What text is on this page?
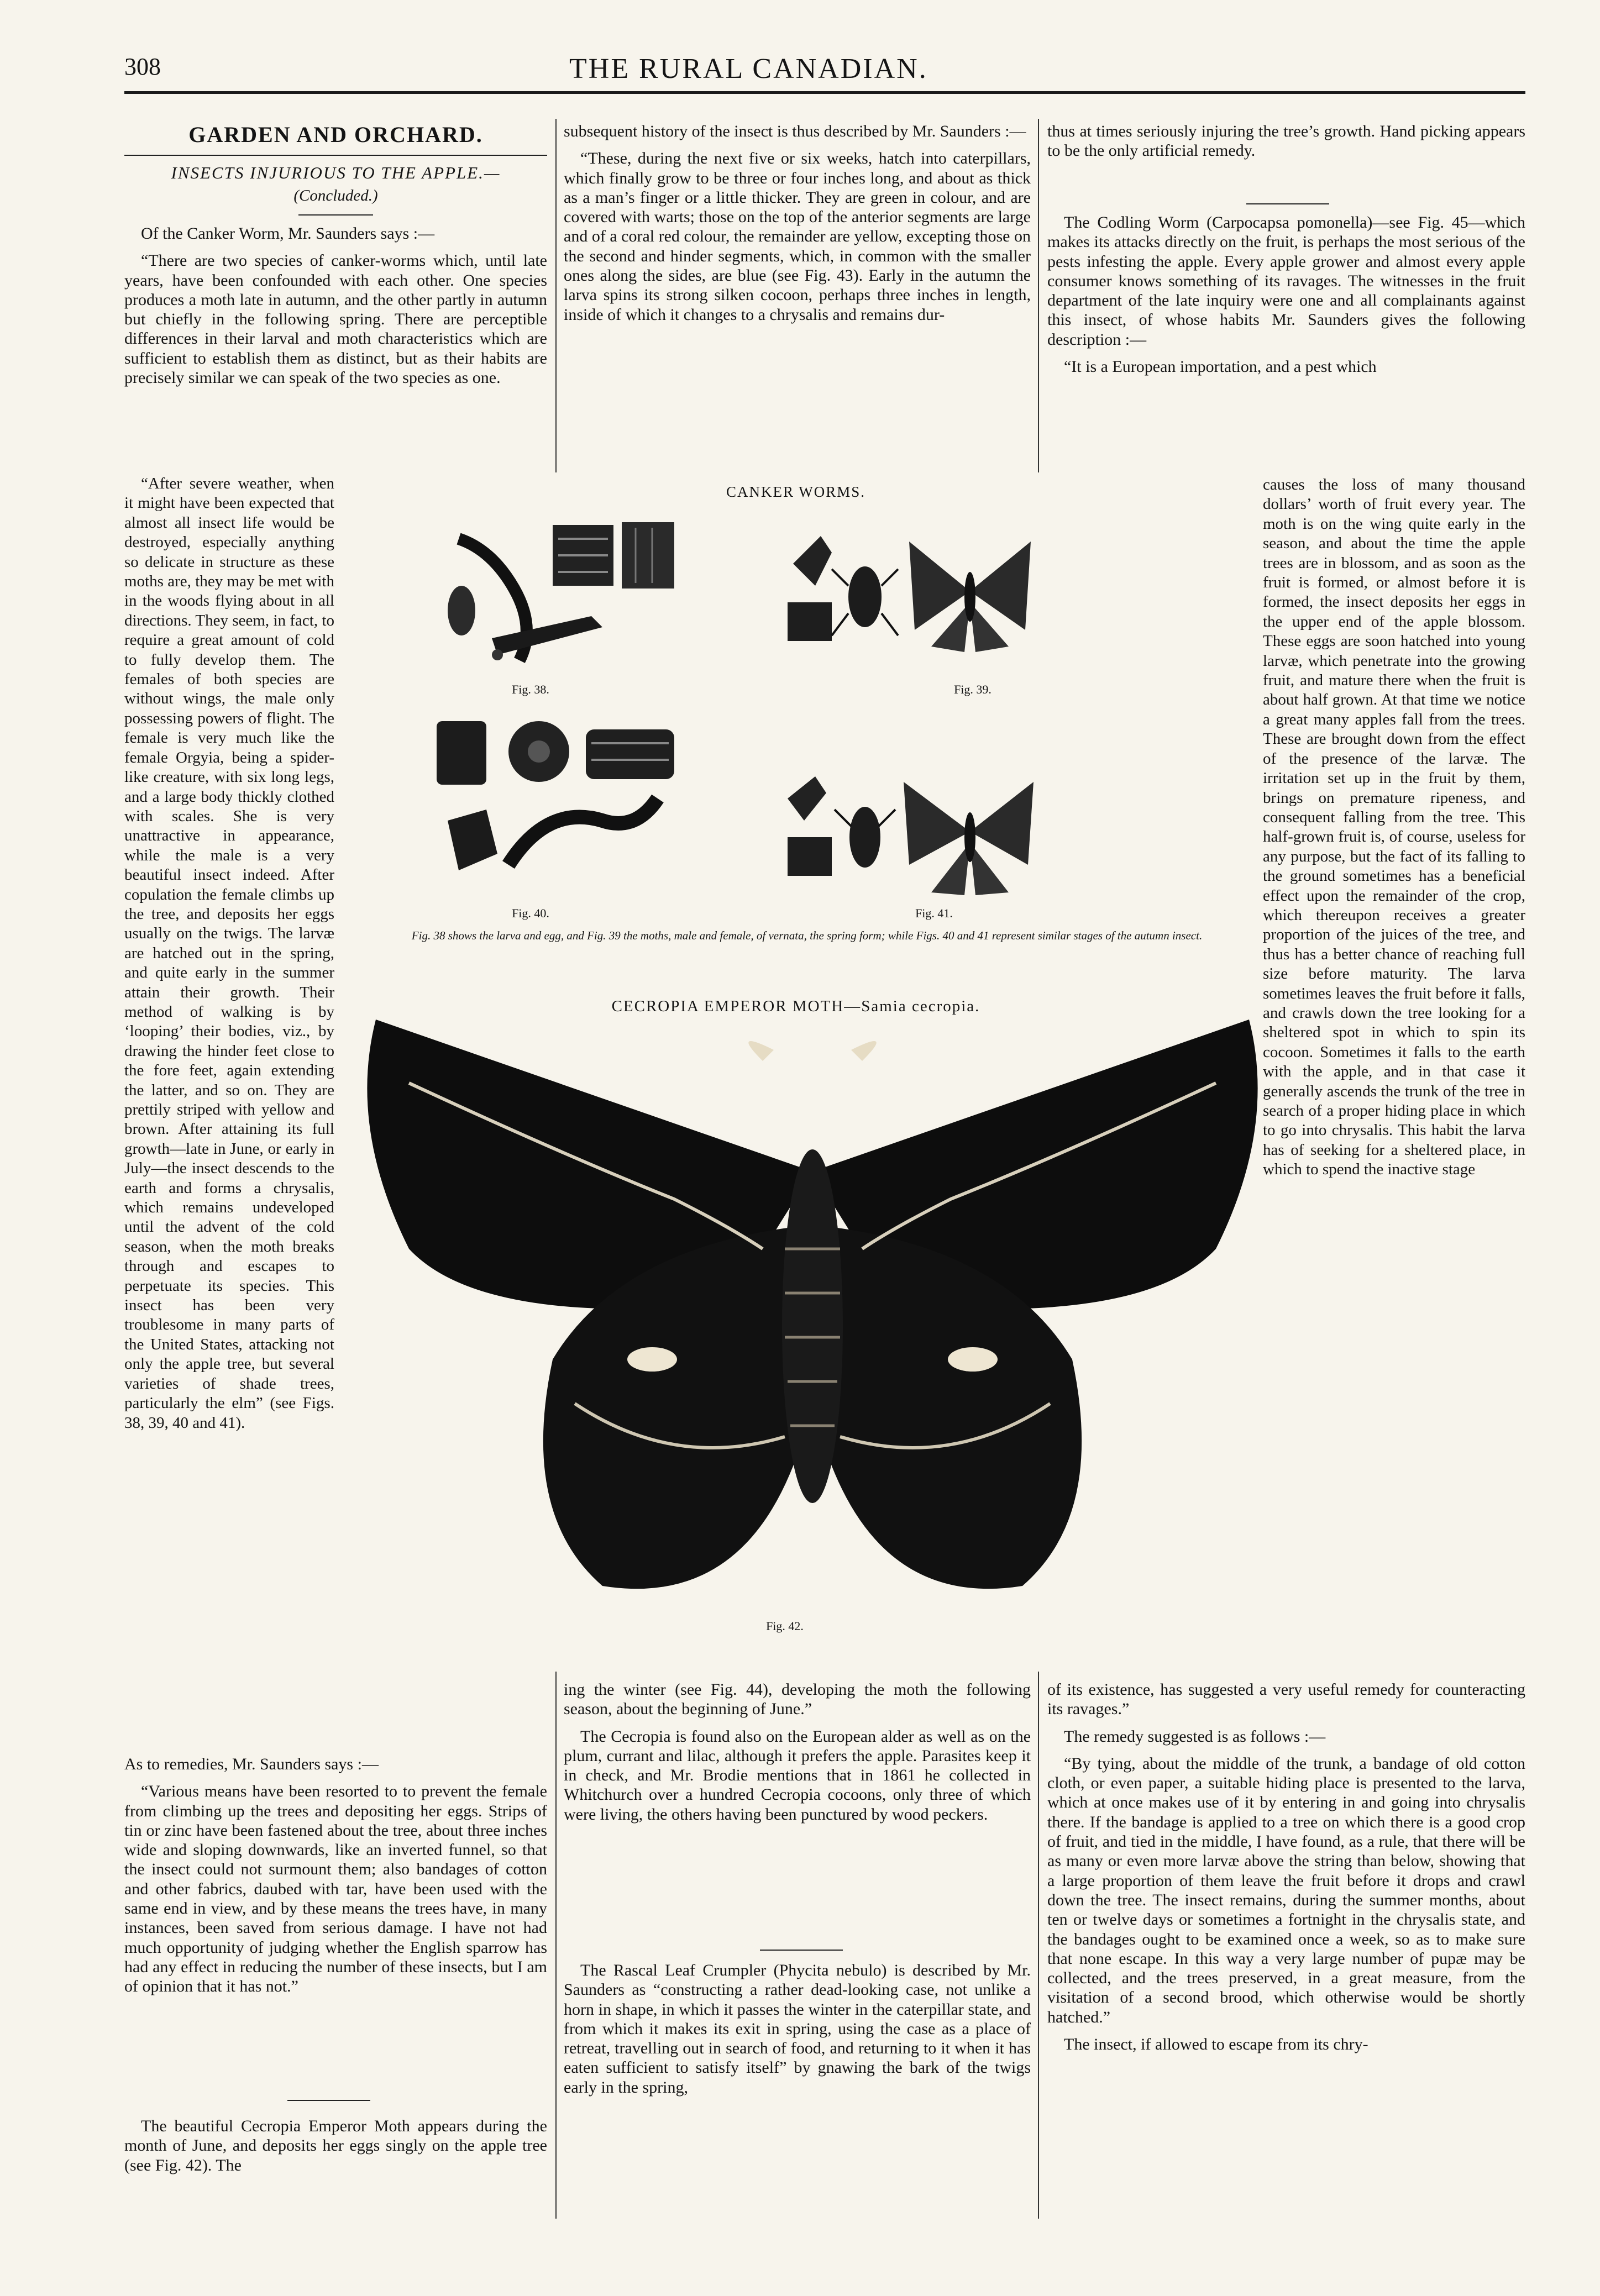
308	THE RURAL CANADIAN.
GARDEN AND ORCHARD.
INSECTS INJURIOUS TO THE APPLE.—
(Concluded.)

Of the Canker Worm, Mr. Saunders says :—

“There are two species of canker-worms which, until late years, have been confounded with each other. One species produces a moth late in autumn, and the other partly in autumn but chiefly in the following spring. There are perceptible differences in their larval and moth characteristics which are sufficient to establish them as distinct, but as their habits are precisely similar we can speak of the two species as one.

“After severe weather, when it might have been expected that almost all insect life would be destroyed, especially anything so delicate in structure as these moths are, they may be met with in the woods flying about in all directions. They seem, in fact, to require a great amount of cold to fully develop them. The females of both species are without wings, the male only possessing powers of flight. The female is very much like the female Orgyia, being a spider-like creature, with six long legs, and a large body thickly clothed with scales. She is very unattractive in appearance, while the male is a very beautiful insect indeed. After copulation the female climbs up the tree, and deposits her eggs usually on the twigs. The larvæ are hatched out in the spring, and quite early in the summer attain their growth. Their method of walking is by ‘looping’ their bodies, viz., by drawing the hinder feet close to the fore feet, again extending the latter, and so on. They are prettily striped with yellow and brown. After attaining its full growth—late in June, or early in July—the insect descends to the earth and forms a chrysalis, which remains undeveloped until the advent of the cold season, when the moth breaks through and escapes to perpetuate its species. This insect has been very troublesome in many parts of the United States, attacking not only the apple tree, but several varieties of shade trees, particularly the elm” (see Figs. 38, 39, 40 and 41).

As to remedies, Mr. Saunders says :—

“Various means have been resorted to to prevent the female from climbing up the trees and depositing her eggs. Strips of tin or zinc have been fastened about the tree, about three inches wide and sloping downwards, like an inverted funnel, so that the insect could not surmount them; also bandages of cotton and other fabrics, daubed with tar, have been used with the same end in view, and by these means the trees have, in many instances, been saved from serious damage. I have not had much opportunity of judging whether the English sparrow has had any effect in reducing the number of these insects, but I am of opinion that it has not.”

The beautiful Cecropia Emperor Moth appears during the month of June, and deposits her eggs singly on the apple tree (see Fig. 42). The

subsequent history of the insect is thus described by Mr. Saunders :—

“These, during the next five or six weeks, hatch into caterpillars, which finally grow to be three or four inches long, and about as thick as a man’s finger or a little thicker. They are green in colour, and are covered with warts; those on the top of the anterior segments are large and of a coral red colour, the remainder are yellow, excepting those on the second and hinder segments, which, in common with the smaller ones along the sides, are blue (see Fig. 43). Early in the autumn the larva spins its strong silken cocoon, perhaps three inches in length, inside of which it changes to a chrysalis and remains dur-

thus at times seriously injuring the tree’s growth. Hand picking appears to be the only artificial remedy.

The Codling Worm (Carpocapsa pomonella)—see Fig. 45—which makes its attacks directly on the fruit, is perhaps the most serious of the pests infesting the apple. Every apple grower and almost every apple consumer knows something of its ravages. The witnesses in the fruit department of the late inquiry were one and all complainants against this insect, of whose habits Mr. Saunders gives the following description :—

“It is a European importation, and a pest which

causes the loss of many thousand dollars’ worth of fruit every year. The moth is on the wing quite early in the season, and about the time the apple trees are in blossom, and as soon as the fruit is formed, or almost before it is formed, the insect deposits her eggs in the upper end of the apple blossom. These eggs are soon hatched into young larvæ, which penetrate into the growing fruit, and mature there when the fruit is about half grown. At that time we notice a great many apples fall from the trees. These are brought down from the effect of the presence of the larvæ. The irritation set up in the fruit by them, brings on premature ripeness, and consequent falling from the tree. This half-grown fruit is, of course, useless for any purpose, but the fact of its falling to the ground sometimes has a beneficial effect upon the remainder of the crop, which thereupon receives a greater proportion of the juices of the tree, and thus has a better chance of reaching full size before maturity. The larva sometimes leaves the fruit before it falls, and crawls down the tree looking for a sheltered spot in which to spin its cocoon. Sometimes it falls to the earth with the apple, and in that case it generally ascends the trunk of the tree in search of a proper hiding place in which to go into chrysalis. This habit the larva has of seeking for a sheltered place, in which to spend the inactive stage

CANKER WORMS.
Fig. 38.	Fig. 39.
Fig. 40.	Fig. 41.
Fig. 38 shows the larva and egg, and Fig. 39 the moths, male and female, of vernata, the spring form; while Figs. 40 and 41 represent similar stages of the autumn insect.
CECROPIA EMPEROR MOTH—Samia cecropia.
Fig. 42.

ing the winter (see Fig. 44), developing the moth the following season, about the beginning of June.”

The Cecropia is found also on the European alder as well as on the plum, currant and lilac, although it prefers the apple. Parasites keep it in check, and Mr. Brodie mentions that in 1861 he collected in Whitchurch over a hundred Cecropia cocoons, only three of which were living, the others having been punctured by wood peckers.

The Rascal Leaf Crumpler (Phycita nebulo) is described by Mr. Saunders as “constructing a rather dead-looking case, not unlike a horn in shape, in which it passes the winter in the caterpillar state, and from which it makes its exit in spring, using the case as a place of retreat, travelling out in search of food, and returning to it when it has eaten sufficient to satisfy itself” by gnawing the bark of the twigs early in the spring,

of its existence, has suggested a very useful remedy for counteracting its ravages.”

The remedy suggested is as follows :—

“By tying, about the middle of the trunk, a bandage of old cotton cloth, or even paper, a suitable hiding place is presented to the larva, which at once makes use of it by entering in and going into chrysalis there. If the bandage is applied to a tree on which there is a good crop of fruit, and tied in the middle, I have found, as a rule, that there will be as many or even more larvæ above the string than below, showing that a large proportion of them leave the fruit before it drops and crawl down the tree. The insect remains, during the summer months, about ten or twelve days or sometimes a fortnight in the chrysalis state, and the bandages ought to be examined once a week, so as to make sure that none escape. In this way a very large number of pupæ may be collected, and the trees preserved, in a great measure, from the visitation of a second brood, which otherwise would be shortly hatched.”

The insect, if allowed to escape from its chry-
